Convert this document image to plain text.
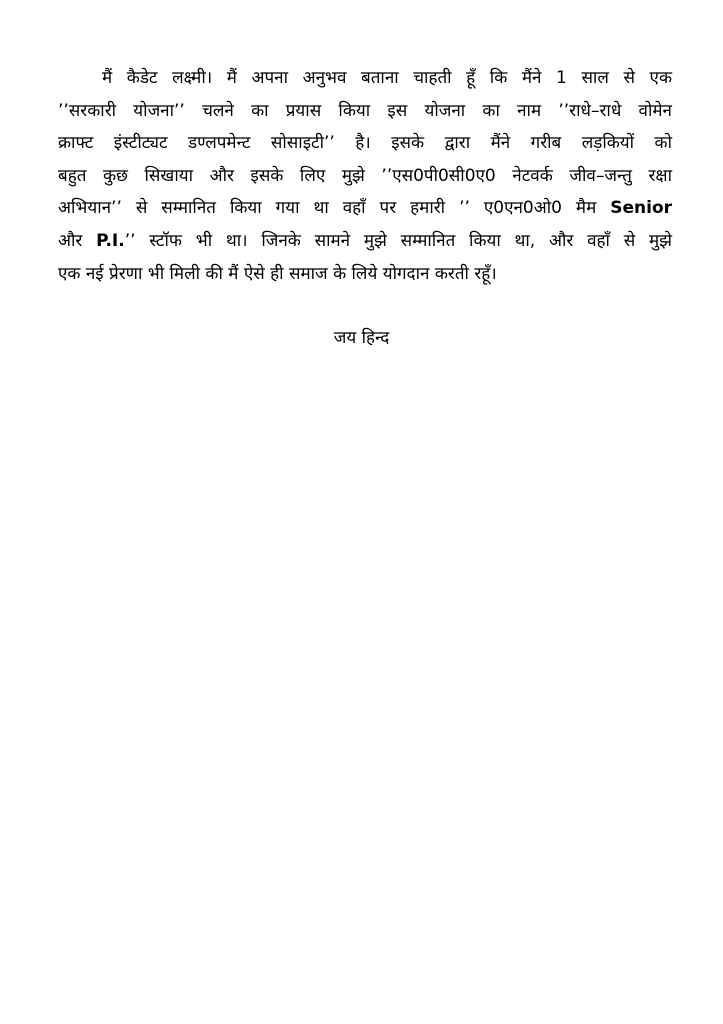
मैं कैडेट लक्ष्मी। मैं अपना अनुभव बताना चाहती हूँ कि मैंने 1 साल से एक
’’सरकारी योजना’’ चलने का प्रयास किया इस योजना का नाम ’’राधे–राधे वोमेन
क्राफ्ट इंस्टीट्यट डण्लपमेन्ट सोसाइटी’’ है। इसके द्वारा मैंने गरीब लड़कियों को
बहुत कुछ सिखाया और इसके लिए मुझे ’’एस0पी0सी0ए0 नेटवर्क जीव–जन्तु रक्षा
अभियान’’ से सम्मानित किया गया था वहाँ पर हमारी ’’ ए0एन0ओ0 मैम Senior
और P.I.’’ स्टॉफ भी था। जिनके सामने मुझे सम्मानित किया था, और वहाँ से मुझे
एक नई प्रेरणा भी मिली की मैं ऐसे ही समाज के लिये योगदान करती रहूँ।
जय हिन्द
